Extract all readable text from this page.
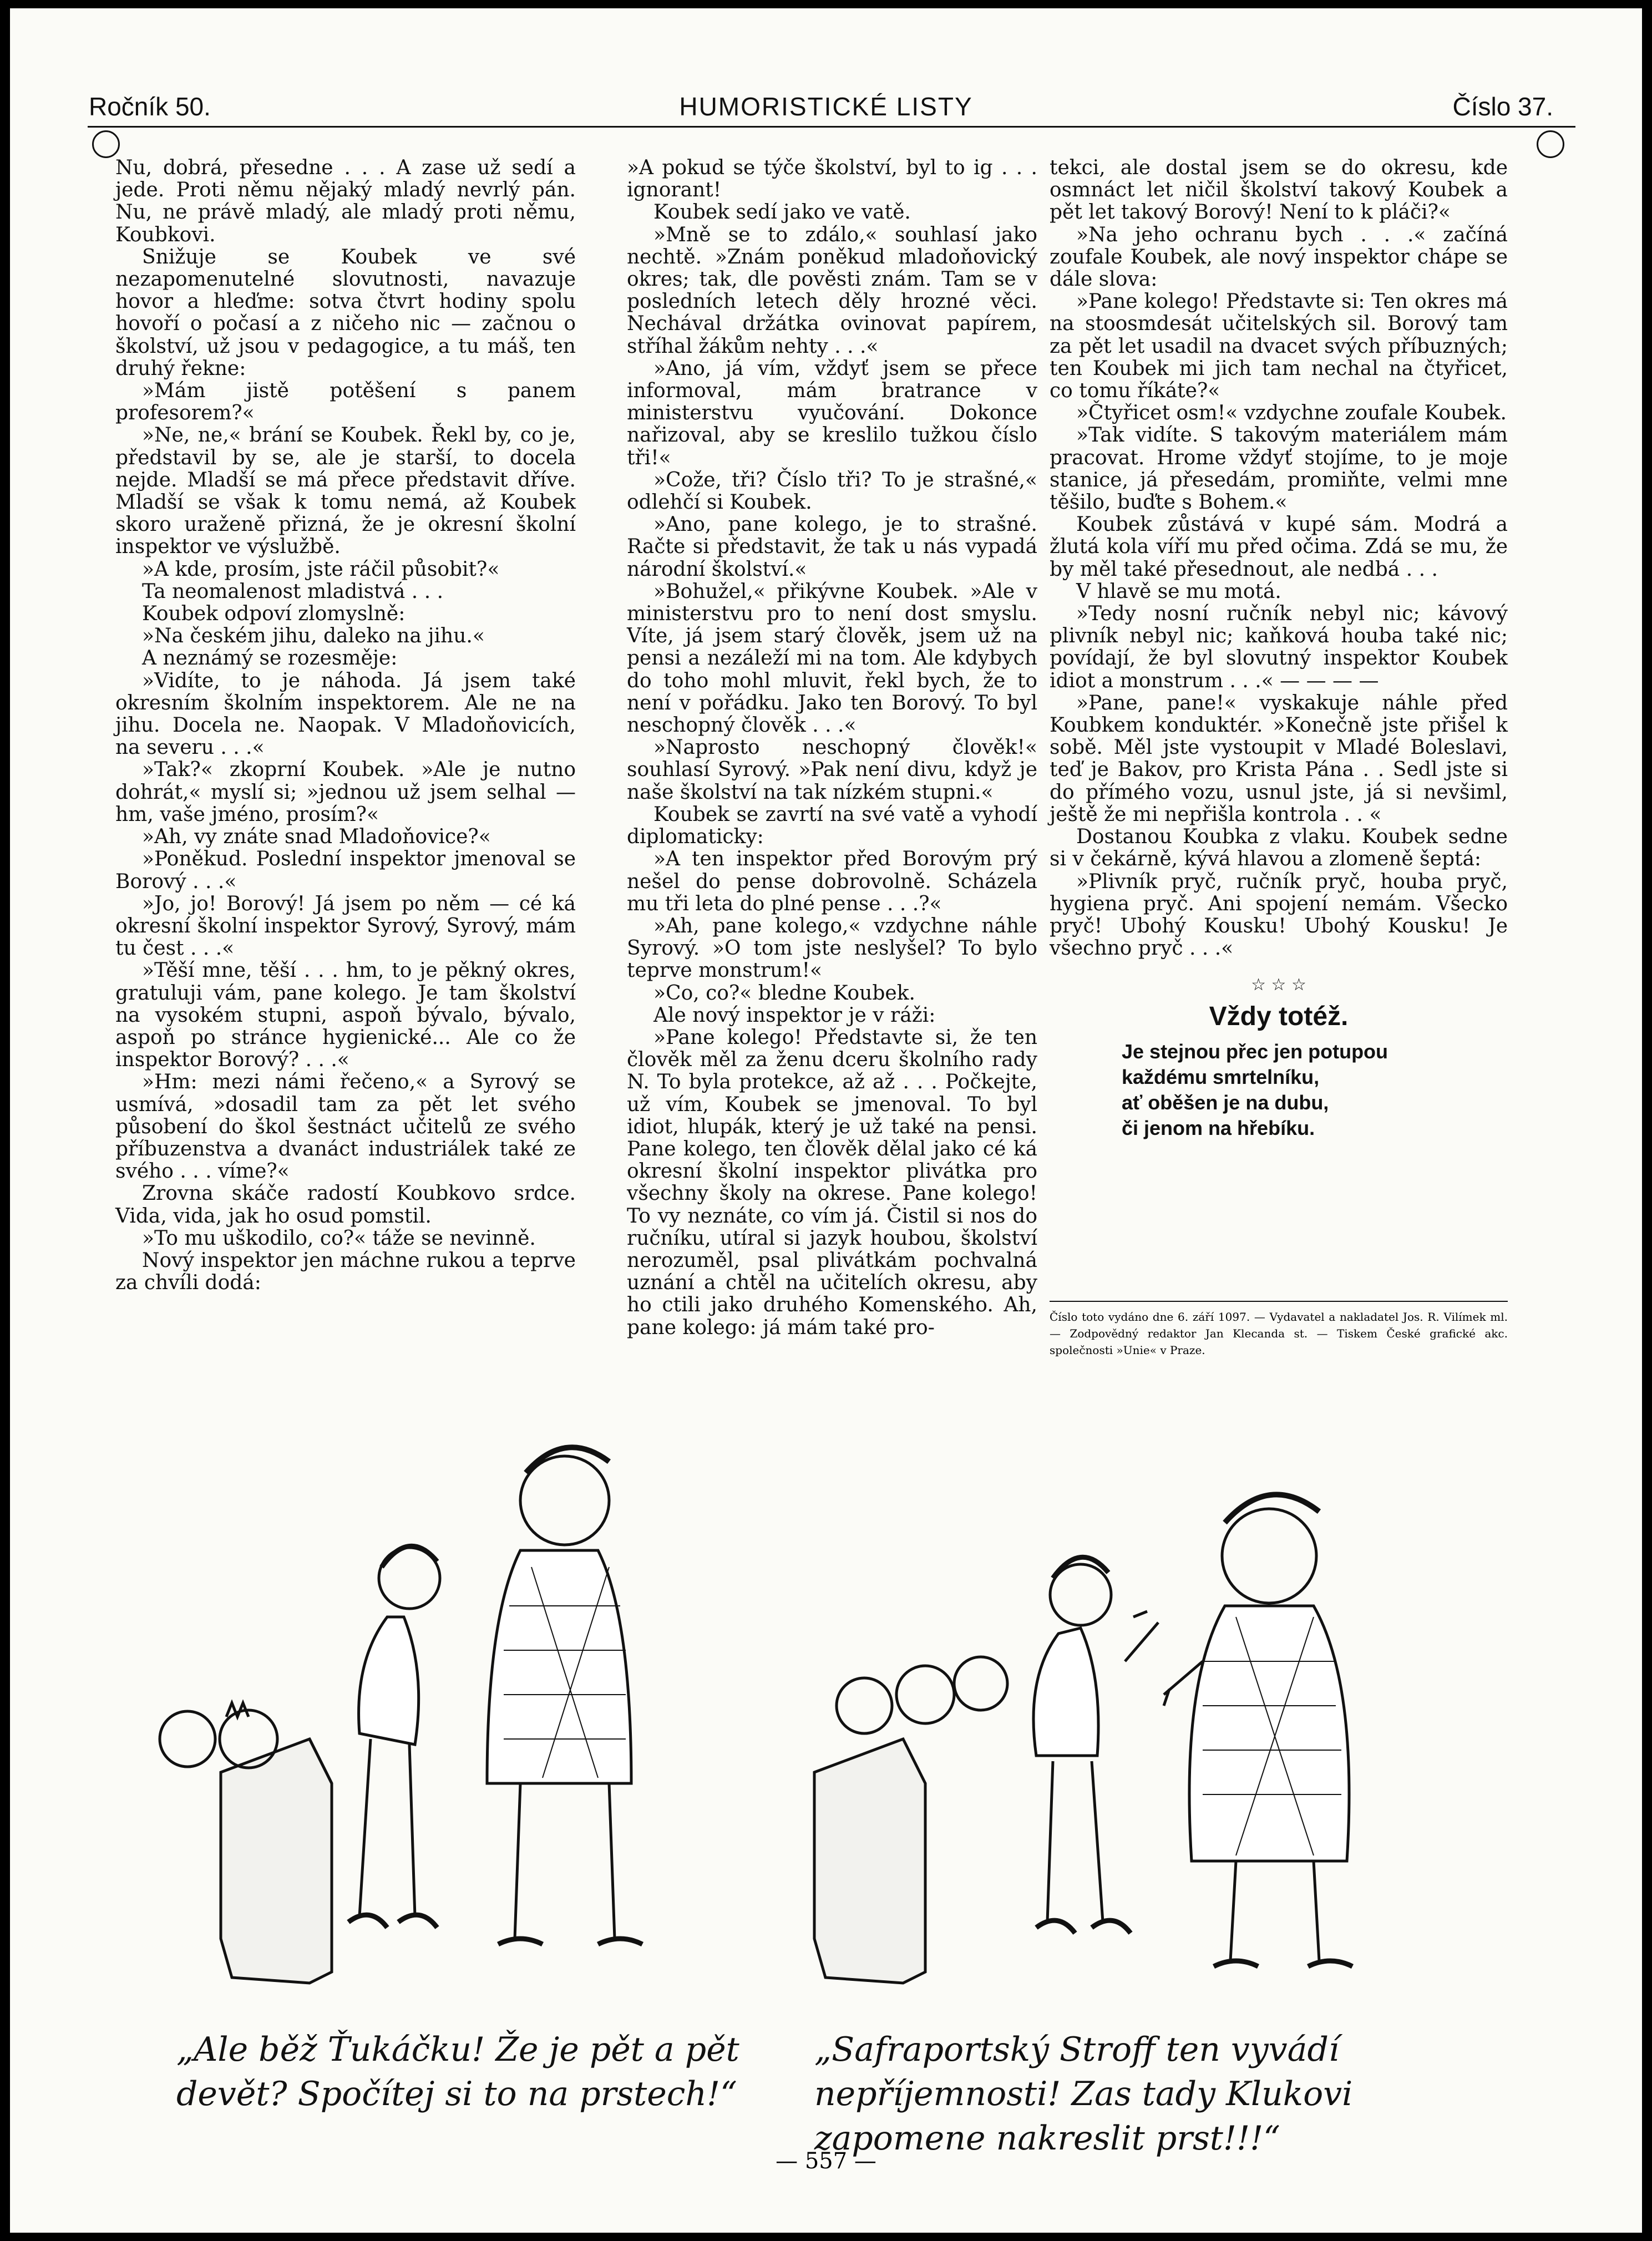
Ročník 50.	HUMORISTICKÉ LISTY	Číslo 37.

Nu, dobrá, přesedne . . . A zase už sedí a jede. Proti němu nějaký mladý nevrlý pán. Nu, ne právě mladý, ale mladý proti němu, Koubkovi.

Snižuje se Koubek ve své nezapomenutelné slovutnosti, navazuje hovor a hleďme: sotva čtvrt hodiny spolu hovoří o počasí a z ničeho nic — začnou o školství, už jsou v pedagogice, a tu máš, ten druhý řekne:

»Mám jistě potěšení s panem profesorem?«

»Ne, ne,« brání se Koubek. Řekl by, co je, představil by se, ale je starší, to docela nejde. Mladší se má přece představit dříve. Mladší se však k tomu nemá, až Koubek skoro uraženě přizná, že je okresní školní inspektor ve výslužbě.

»A kde, prosím, jste ráčil působit?«

Ta neomalenost mladistvá . . .

Koubek odpoví zlomyslně:

»Na českém jihu, daleko na jihu.«

A neznámý se rozesměje:

»Vidíte, to je náhoda. Já jsem také okresním školním inspektorem. Ale ne na jihu. Docela ne. Naopak. V Mladoňovicích, na severu . . .«

»Tak?« zkoprní Koubek. »Ale je nutno dohrát,« myslí si; »jednou už jsem selhal — hm, vaše jméno, prosím?«

»Ah, vy znáte snad Mladoňovice?«

»Poněkud. Poslední inspektor jmenoval se Borový . . .«

»Jo, jo! Borový! Já jsem po něm — cé ká okresní školní inspektor Syrový, Syrový, mám tu čest . . .«

»Těší mne, těší . . . hm, to je pěkný okres, gratuluji vám, pane kolego. Je tam školství na vysokém stupni, aspoň bývalo, bývalo, aspoň po stránce hygienické... Ale co že inspektor Borový? . . .«

»Hm: mezi námi řečeno,« a Syrový se usmívá, »dosadil tam za pět let svého působení do škol šestnáct učitelů ze svého příbuzenstva a dvanáct industriálek také ze svého . . . víme?«

Zrovna skáče radostí Koubkovo srdce. Vida, vida, jak ho osud pomstil.

»To mu uškodilo, co?« táže se nevinně.

Nový inspektor jen máchne rukou a teprve za chvíli dodá:

»A pokud se týče školství, byl to ig . . . ignorant!

Koubek sedí jako ve vatě.

»Mně se to zdálo,« souhlasí jako nechtě. »Znám poněkud mladoňovický okres; tak, dle pověsti znám. Tam se v posledních letech děly hrozné věci. Nechával držátka ovinovat papírem, stříhal žákům nehty . . .«

»Ano, já vím, vždyť jsem se přece informoval, mám bratrance v ministerstvu vyučování. Dokonce nařizoval, aby se kreslilo tužkou číslo tři!«

»Cože, tři? Číslo tři? To je strašné,« odlehčí si Koubek.

»Ano, pane kolego, je to strašné. Račte si představit, že tak u nás vypadá národní školství.«

»Bohužel,« přikývne Koubek. »Ale v ministerstvu pro to není dost smyslu. Víte, já jsem starý člověk, jsem už na pensi a nezáleží mi na tom. Ale kdybych do toho mohl mluvit, řekl bych, že to není v pořádku. Jako ten Borový. To byl neschopný člověk . . .«

»Naprosto neschopný člověk!« souhlasí Syrový. »Pak není divu, když je naše školství na tak nízkém stupni.«

Koubek se zavrtí na své vatě a vyhodí diplomaticky:

»A ten inspektor před Borovým prý nešel do pense dobrovolně. Scházela mu tři leta do plné pense . . .?«

»Ah, pane kolego,« vzdychne náhle Syrový. »O tom jste neslyšel? To bylo teprve monstrum!«

»Co, co?« bledne Koubek.

Ale nový inspektor je v ráži:

»Pane kolego! Představte si, že ten člověk měl za ženu dceru školního rady N. To byla protekce, až až . . . Počkejte, už vím, Koubek se jmenoval. To byl idiot, hlupák, který je už také na pensi. Pane kolego, ten člověk dělal jako cé ká okresní školní inspektor plivátka pro všechny školy na okrese. Pane kolego! To vy neznáte, co vím já. Čistil si nos do ručníku, utíral si jazyk houbou, školství nerozuměl, psal plivátkám pochvalná uznání a chtěl na učitelích okresu, aby ho ctili jako druhého Komenského. Ah, pane kolego: já mám také pro-

tekci, ale dostal jsem se do okresu, kde osmnáct let ničil školství takový Koubek a pět let takový Borový! Není to k pláči?«

»Na jeho ochranu bych . . .« začíná zoufale Koubek, ale nový inspektor chápe se dále slova:

»Pane kolego! Představte si: Ten okres má na stoosmdesát učitelských sil. Borový tam za pět let usadil na dvacet svých příbuzných; ten Koubek mi jich tam nechal na čtyřicet, co tomu říkáte?«

»Čtyřicet osm!« vzdychne zoufale Koubek.

»Tak vidíte. S takovým materiálem mám pracovat. Hrome vždyť stojíme, to je moje stanice, já přesedám, promiňte, velmi mne těšilo, buďte s Bohem.«

Koubek zůstává v kupé sám. Modrá a žlutá kola víří mu před očima. Zdá se mu, že by měl také přesednout, ale nedbá . . .

V hlavě se mu motá.

»Tedy nosní ručník nebyl nic; kávový plivník nebyl nic; kaňková houba také nic; povídají, že byl slovutný inspektor Koubek idiot a monstrum . . .« — — — —

»Pane, pane!« vyskakuje náhle před Koubkem konduktér. »Konečně jste přišel k sobě. Měl jste vystoupit v Mladé Boleslavi, teď je Bakov, pro Krista Pána . . Sedl jste si do přímého vozu, usnul jste, já si nevšiml, ještě že mi nepřišla kontrola . . «

Dostanou Koubka z vlaku. Koubek sedne si v čekárně, kývá hlavou a zlomeně šeptá:

»Plivník pryč, ručník pryč, houba pryč, hygiena pryč. Ani spojení nemám. Všecko pryč! Ubohý Kousku! Ubohý Kousku! Je všechno pryč . . .«

☆ ☆ ☆
Vždy totéž.
Je stejnou přec jen potupou
každému smrtelníku,
ať oběšen je na dubu,
či jenom na hřebíku.
Číslo toto vydáno dne 6. září 1097. — Vydavatel a nakladatel Jos. R. Vilímek ml. — Zodpovědný redaktor Jan Klecanda st. — Tiskem České grafické akc. společnosti »Unie« v Praze.
„Ale běž Ťukáčku! Že je pět a pět devět? Spočítej si to na prstech!“
„Safraportský Stroff ten vyvádí nepříjemnosti! Zas tady Klukovi zapomene nakreslit prst!!!“
— 557 —
